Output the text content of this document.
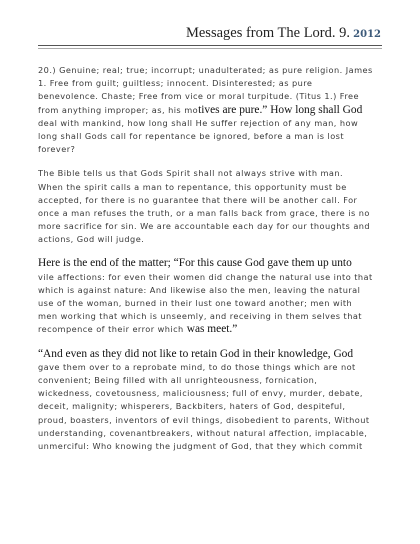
Messages from The Lord. 9. 2012
20.) Genuine; real; true; incorrupt; unadulterated; as pure religion. James
1. Free from guilt; guiltless; innocent. Disinterested; as pure
benevolence. Chaste; Free from vice or moral turpitude. (Titus 1.) Free
from anything improper; as, his motives are pure.” How long shall God
deal with mankind, how long shall He suffer rejection of any man, how
long shall Gods call for repentance be ignored, before a man is lost
forever?
The Bible tells us that Gods Spirit shall not always strive with man.
When the spirit calls a man to repentance, this opportunity must be
accepted, for there is no guarantee that there will be another call. For
once a man refuses the truth, or a man falls back from grace, there is no
more sacrifice for sin. We are accountable each day for our thoughts and
actions, God will judge.
Here is the end of the matter; “For this cause God gave them up unto
vile affections: for even their women did change the natural use into that
which is against nature: And likewise also the men, leaving the natural
use of the woman, burned in their lust one toward another; men with
men working that which is unseemly, and receiving in them selves that
recompence of their error which was meet.”
“And even as they did not like to retain God in their knowledge, God
gave them over to a reprobate mind, to do those things which are not
convenient; Being filled with all unrighteousness, fornication,
wickedness, covetousness, maliciousness; full of envy, murder, debate,
deceit, malignity; whisperers, Backbiters, haters of God, despiteful,
proud, boasters, inventors of evil things, disobedient to parents, Without
understanding, covenantbreakers, without natural affection, implacable,
unmerciful: Who knowing the judgment of God, that they which commit
